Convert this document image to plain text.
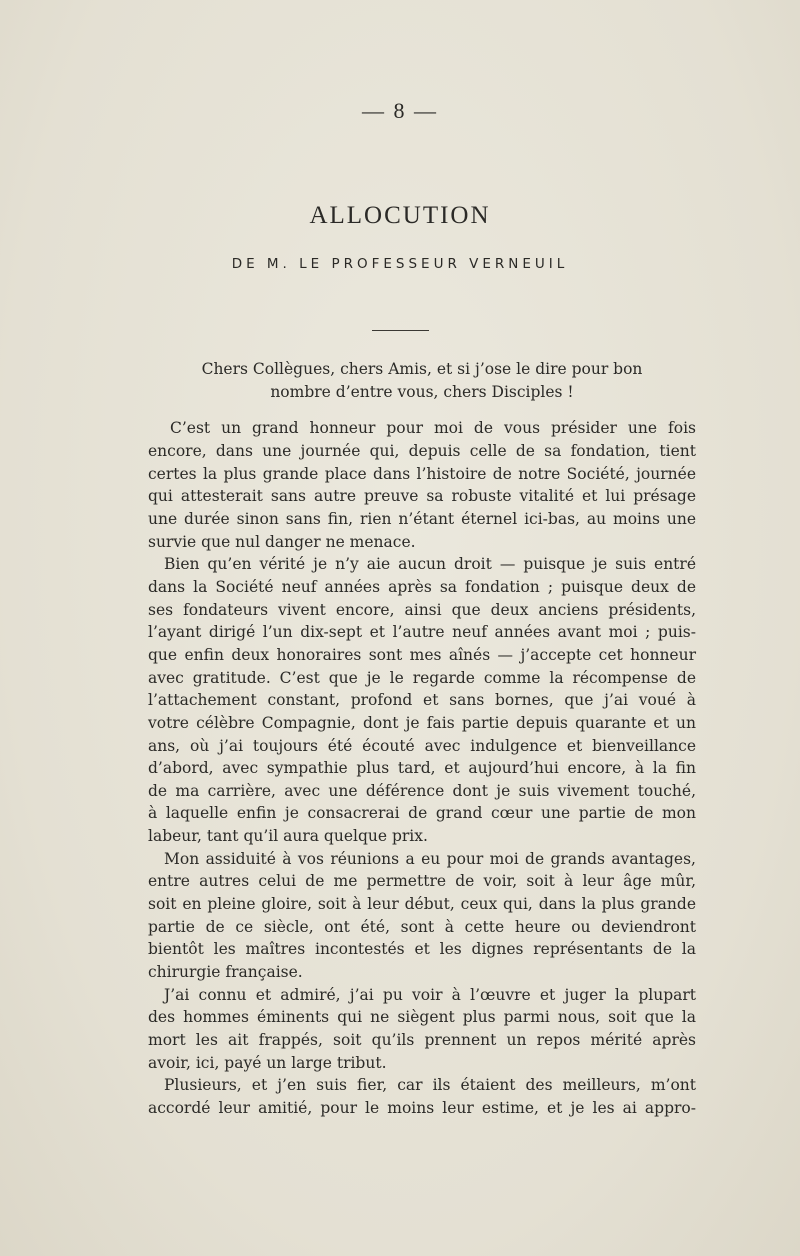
— 8 —
ALLOCUTION
DE M. LE PROFESSEUR VERNEUIL
Chers Collègues, chers Amis, et si j’ose le dire pour bon
nombre d’entre vous, chers Disciples !
C’est un grand honneur pour moi de vous présider une fois
encore, dans une journée qui, depuis celle de sa fondation, tient
certes la plus grande place dans l’histoire de notre Société, journée
qui attesterait sans autre preuve sa robuste vitalité et lui présage
une durée sinon sans fin, rien n’étant éternel ici-bas, au moins une
survie que nul danger ne menace.
Bien qu’en vérité je n’y aie aucun droit — puisque je suis entré
dans la Société neuf années après sa fondation ; puisque deux de
ses fondateurs vivent encore, ainsi que deux anciens présidents,
l’ayant dirigé l’un dix-sept et l’autre neuf années avant moi ; puis-
que enfin deux honoraires sont mes aînés — j’accepte cet honneur
avec gratitude. C’est que je le regarde comme la récompense de
l’attachement constant, profond et sans bornes, que j’ai voué à
votre célèbre Compagnie, dont je fais partie depuis quarante et un
ans, où j’ai toujours été écouté avec indulgence et bienveillance
d’abord, avec sympathie plus tard, et aujourd’hui encore, à la fin
de ma carrière, avec une déférence dont je suis vivement touché,
à laquelle enfin je consacrerai de grand cœur une partie de mon
labeur, tant qu’il aura quelque prix.
Mon assiduité à vos réunions a eu pour moi de grands avantages,
entre autres celui de me permettre de voir, soit à leur âge mûr,
soit en pleine gloire, soit à leur début, ceux qui, dans la plus grande
partie de ce siècle, ont été, sont à cette heure ou deviendront
bientôt les maîtres incontestés et les dignes représentants de la
chirurgie française.
J’ai connu et admiré, j’ai pu voir à l’œuvre et juger la plupart
des hommes éminents qui ne siègent plus parmi nous, soit que la
mort les ait frappés, soit qu’ils prennent un repos mérité après
avoir, ici, payé un large tribut.
Plusieurs, et j’en suis fier, car ils étaient des meilleurs, m’ont
accordé leur amitié, pour le moins leur estime, et je les ai appro-
